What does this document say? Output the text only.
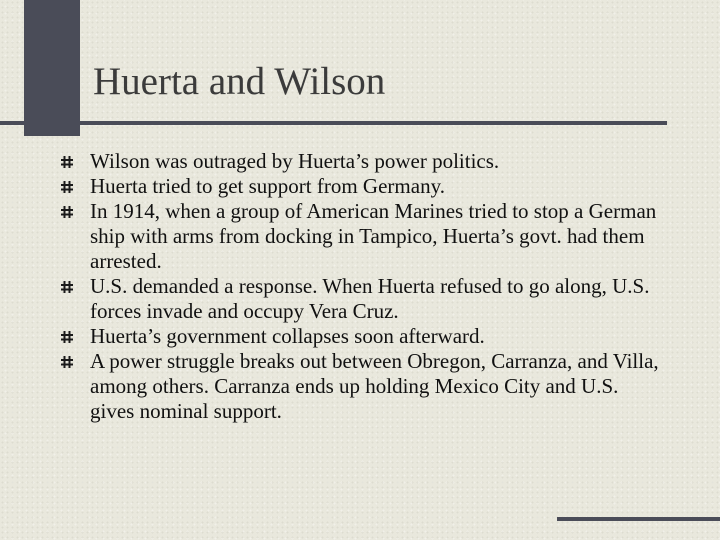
Huerta and Wilson
Wilson was outraged by Huerta’s power politics.
Huerta tried to get support from Germany.
In 1914, when a group of American Marines tried to stop a German ship with arms from docking in Tampico, Huerta’s govt. had them arrested.
U.S. demanded a response. When Huerta refused to go along, U.S. forces invade and occupy Vera Cruz.
Huerta’s government collapses soon afterward.
A power struggle breaks out between Obregon, Carranza, and Villa, among others. Carranza ends up holding Mexico City and U.S. gives nominal support.
